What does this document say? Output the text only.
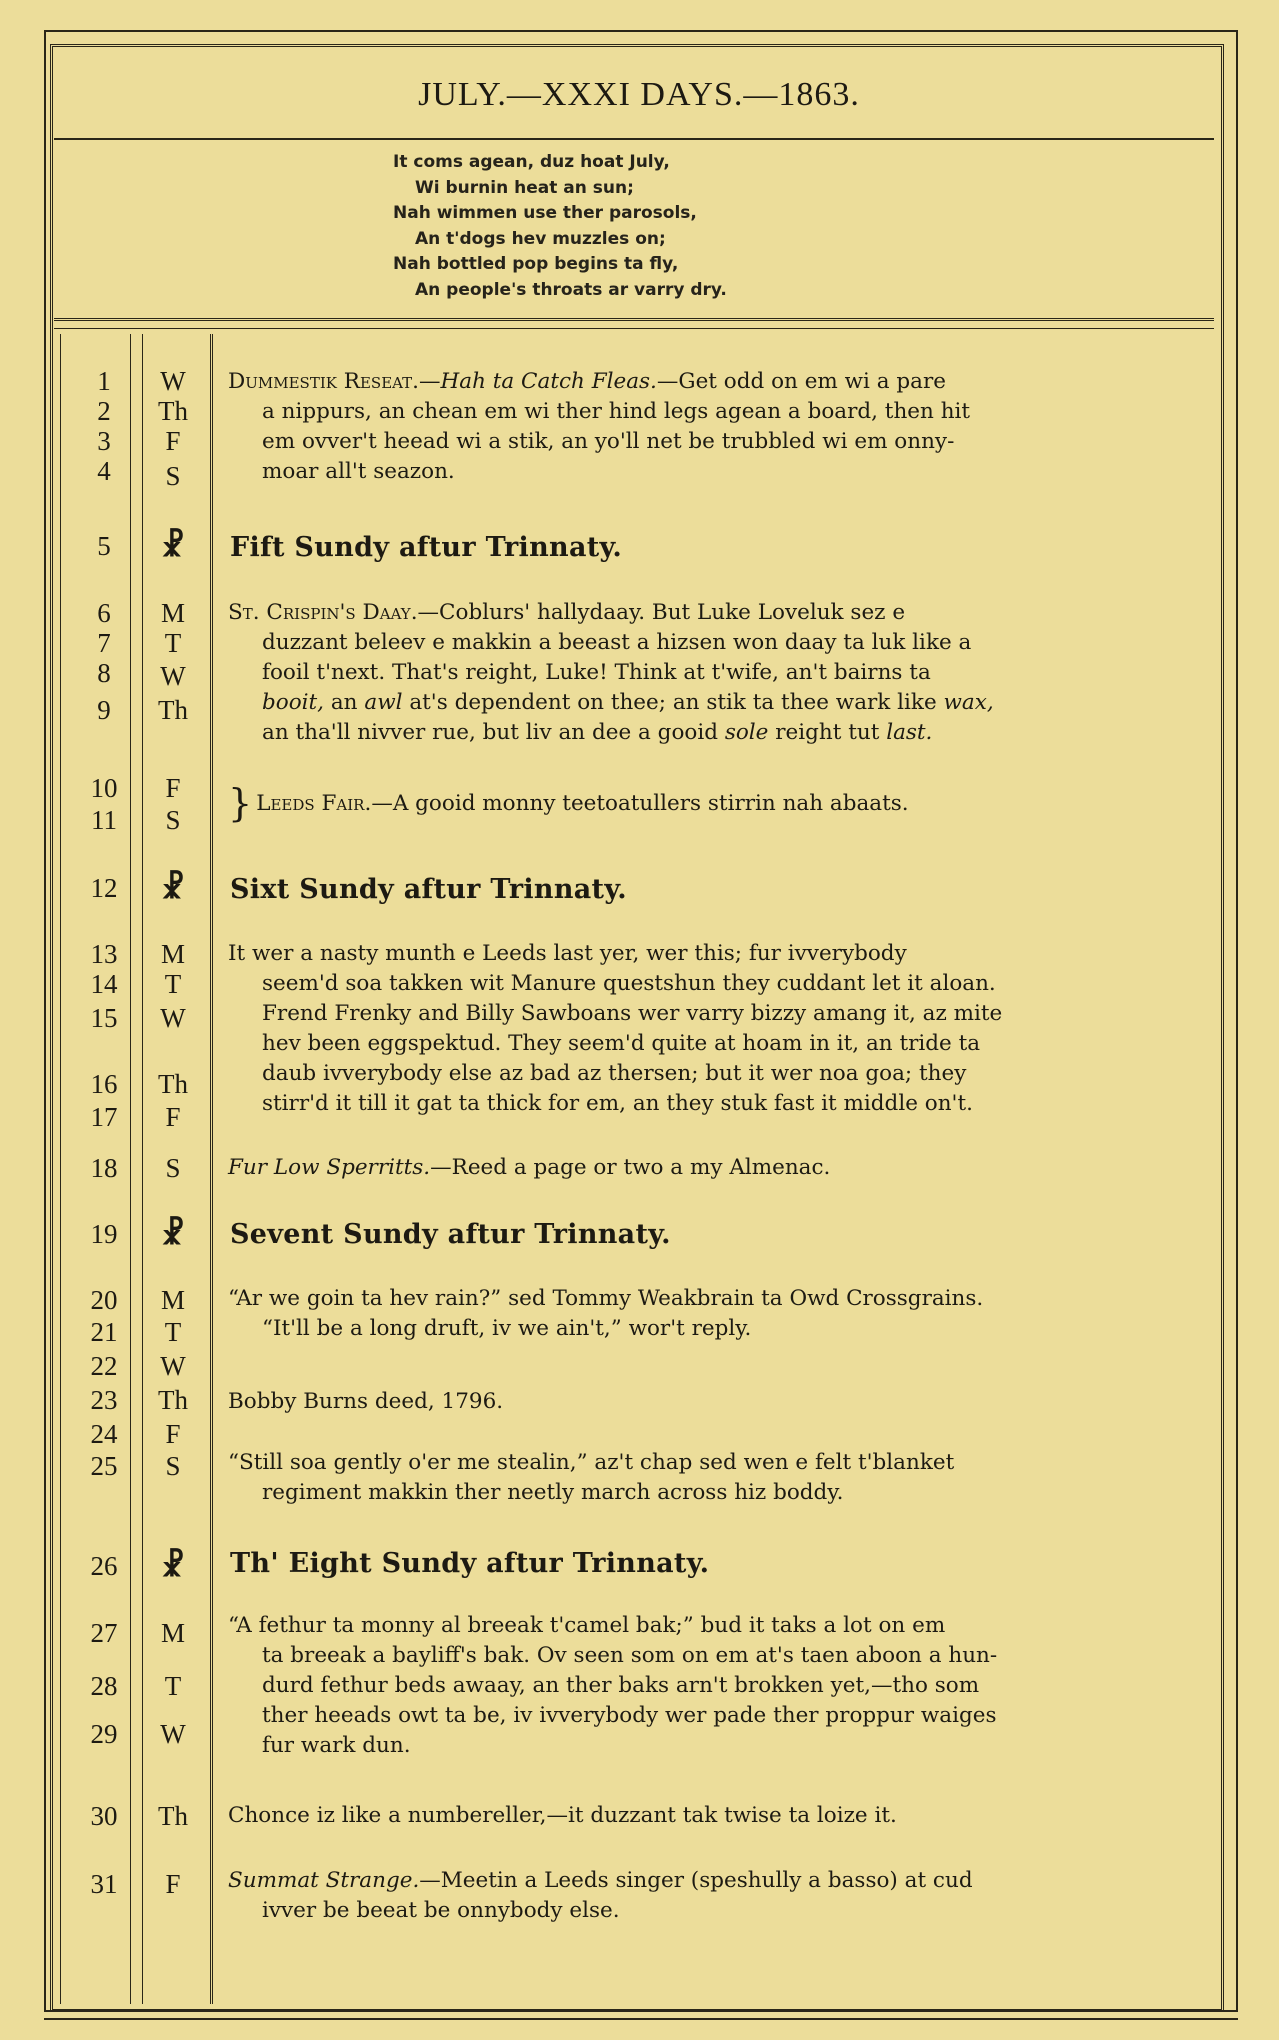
JULY.—XXXI DAYS.—1863.
It coms agean, duz hoat July,
Wi burnin heat an sun;
Nah wimmen use ther parosols,
An t'dogs hev muzzles on;
Nah bottled pop begins ta fly,
An people's throats ar varry dry.
1
2
3
4
5
6
7
8
9
10
11
12
13
14
15
16
17
18
19
20
21
22
23
24
25
26
27
28
29
30
31
W
Th
F
S
☧
M
T
W
Th
F
S
☧
M
T
W
Th
F
S
☧
M
T
W
Th
F
S
☧
M
T
W
Th
F
Dummestik Reseat.—Hah ta Catch Fleas.—Get odd on em wi a pare
a nippurs, an chean em wi ther hind legs agean a board, then hit
em ovver't heead wi a stik, an yo'll net be trubbled wi em onny-
moar all't seazon.
Fift Sundy aftur Trinnaty.
St. Crispin's Daay.—Coblurs' hallydaay. But Luke Loveluk sez e
duzzant beleev e makkin a beeast a hizsen won daay ta luk like a
fooil t'next. That's reight, Luke! Think at t'wife, an't bairns ta
booit, an awl at's dependent on thee; an stik ta thee wark like wax,
an tha'll nivver rue, but liv an dee a gooid sole reight tut last.
} Leeds Fair.—A gooid monny teetoatullers stirrin nah abaats.
Sixt Sundy aftur Trinnaty.
It wer a nasty munth e Leeds last yer, wer this; fur ivverybody
seem'd soa takken wit Manure questshun they cuddant let it aloan.
Frend Frenky and Billy Sawboans wer varry bizzy amang it, az mite
hev been eggspektud. They seem'd quite at hoam in it, an tride ta
daub ivverybody else az bad az thersen; but it wer noa goa; they
stirr'd it till it gat ta thick for em, an they stuk fast it middle on't.
Fur Low Sperritts.—Reed a page or two a my Almenac.
Sevent Sundy aftur Trinnaty.
“Ar we goin ta hev rain?” sed Tommy Weakbrain ta Owd Crossgrains.
“It'll be a long druft, iv we ain't,” wor't reply.
Bobby Burns deed, 1796.
“Still soa gently o'er me stealin,” az't chap sed wen e felt t'blanket
regiment makkin ther neetly march across hiz boddy.
Th' Eight Sundy aftur Trinnaty.
“A fethur ta monny al breeak t'camel bak;” bud it taks a lot on em
ta breeak a bayliff's bak. Ov seen som on em at's taen aboon a hun-
durd fethur beds awaay, an ther baks arn't brokken yet,—tho som
ther heeads owt ta be, iv ivverybody wer pade ther proppur waiges
fur wark dun.
Chonce iz like a numbereller,—it duzzant tak twise ta loize it.
Summat Strange.—Meetin a Leeds singer (speshully a basso) at cud
ivver be beeat be onnybody else.
